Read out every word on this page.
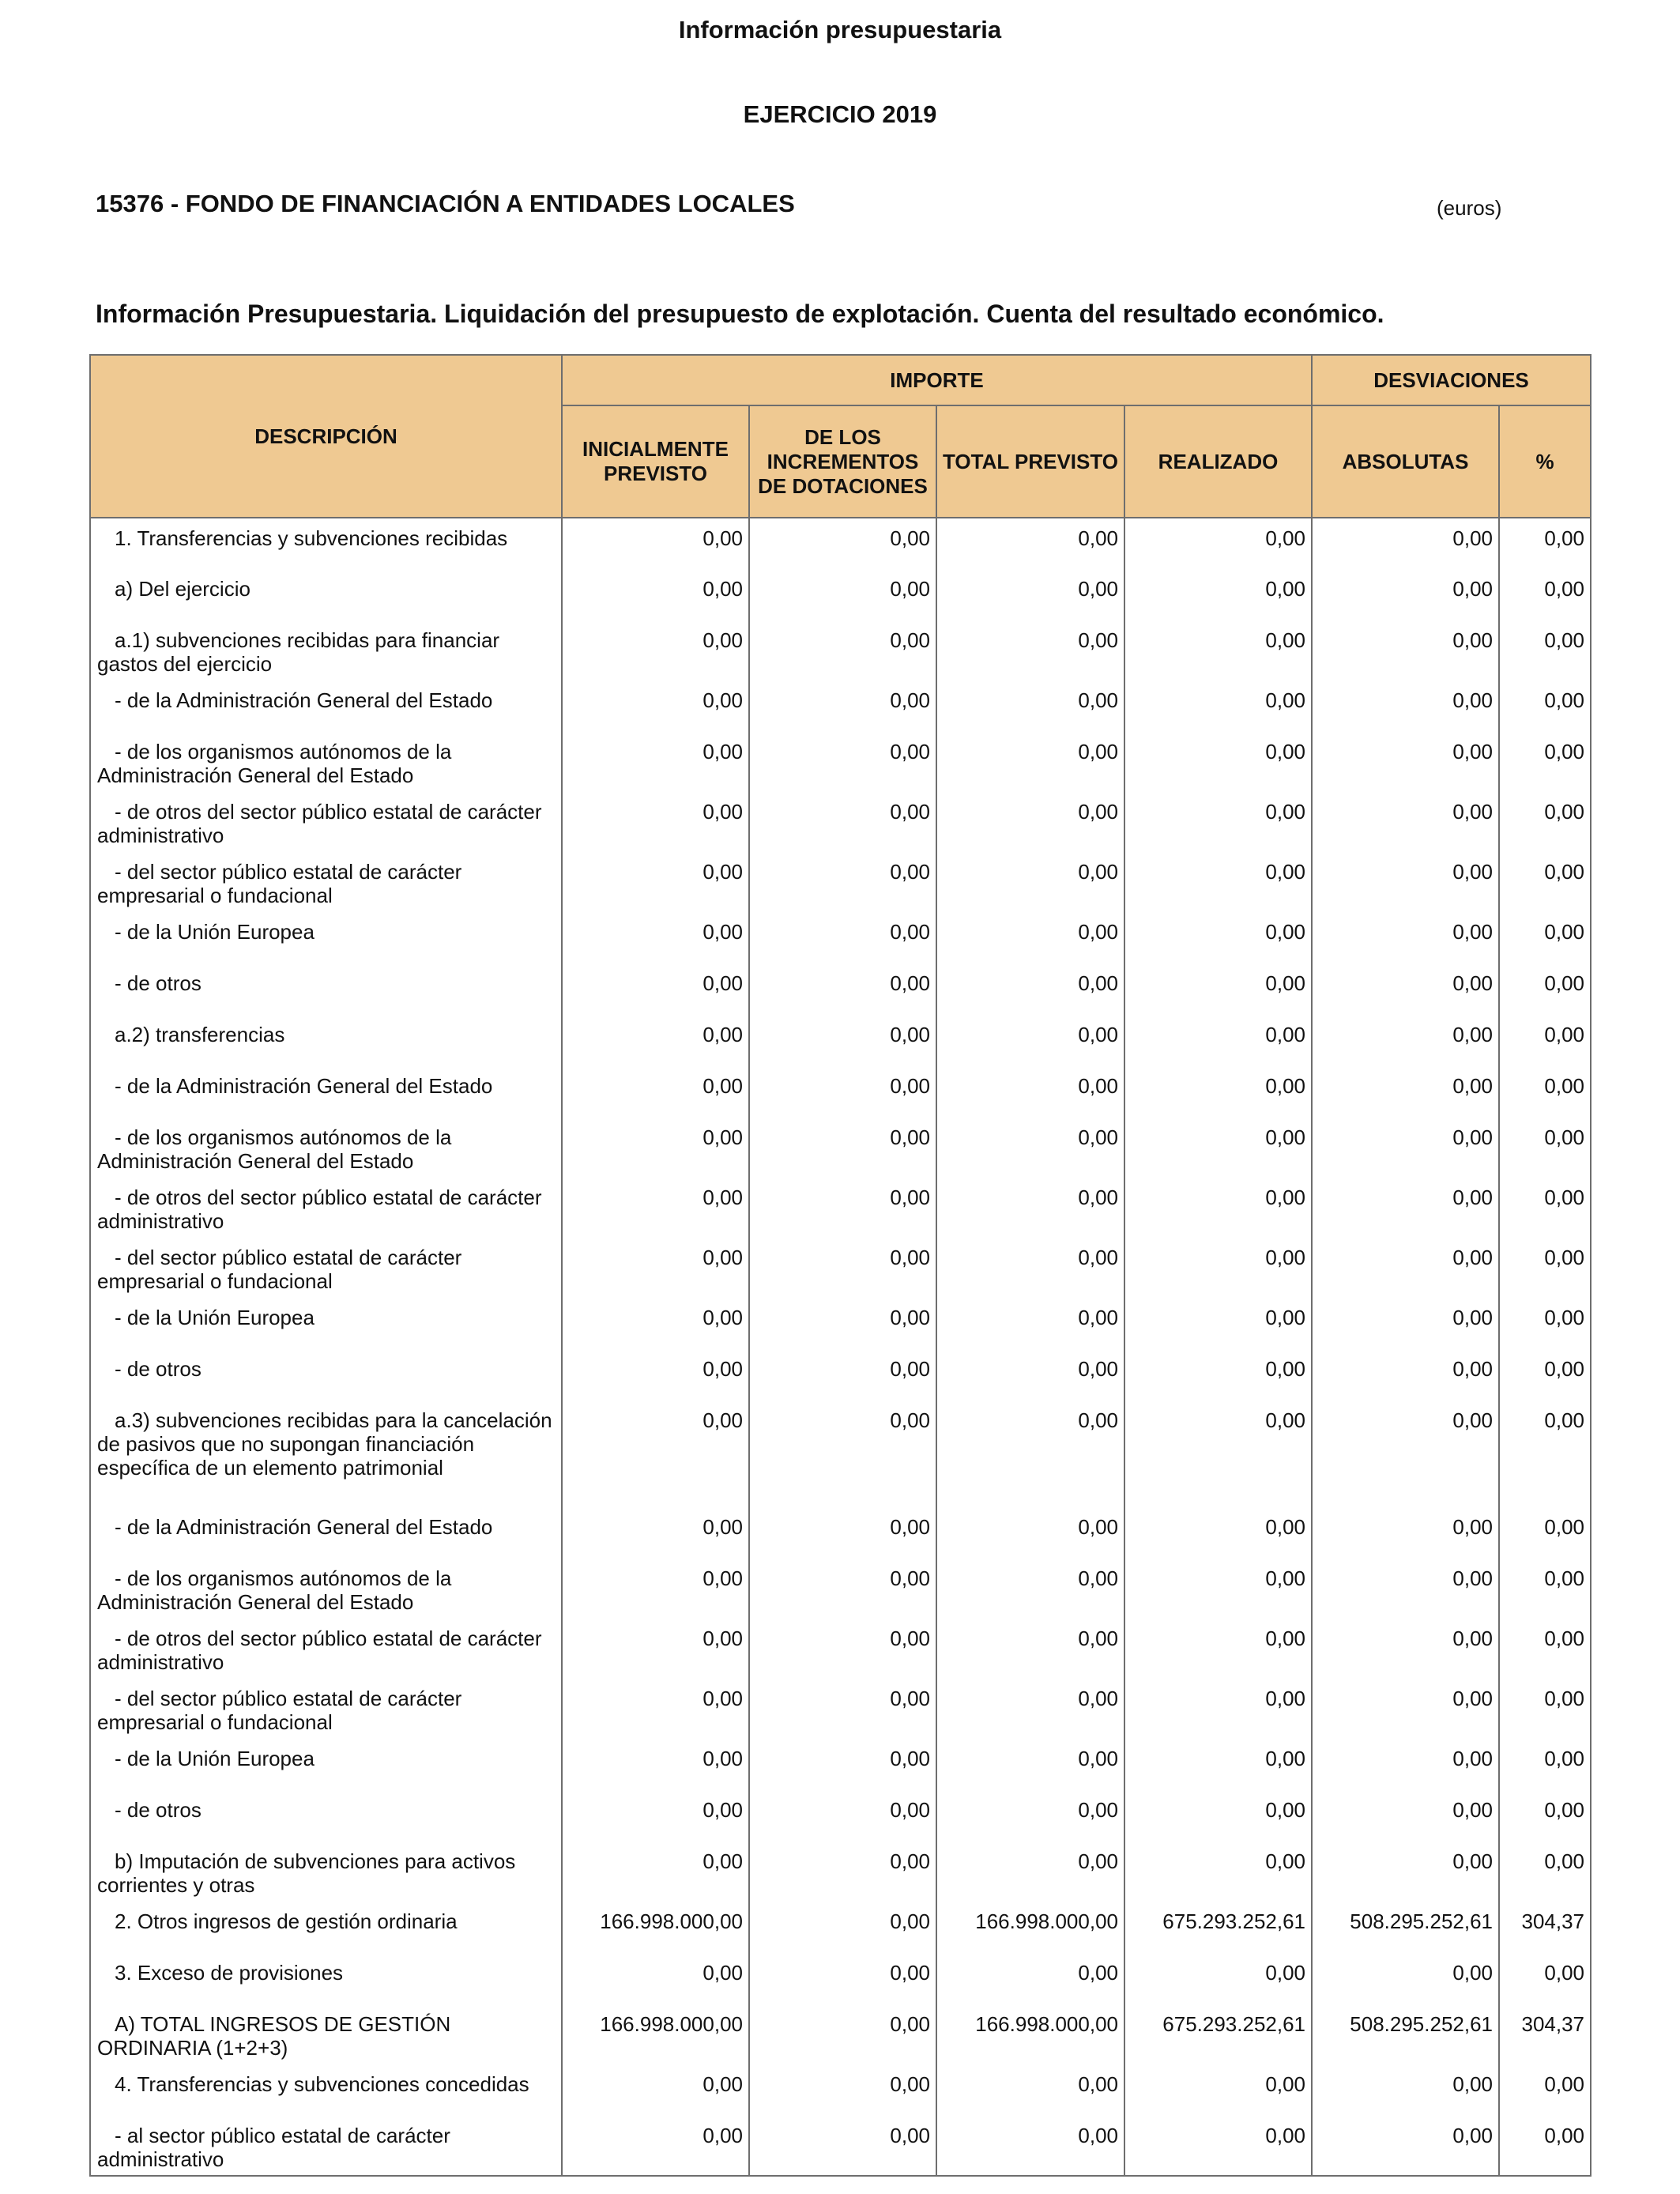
Información presupuestaria
EJERCICIO 2019
15376 - FONDO DE FINANCIACIÓN A ENTIDADES LOCALES	(euros)
Información Presupuestaria. Liquidación del presupuesto de explotación. Cuenta del resultado económico.
DESCRIPCIÓN	IMPORTE				DESVIACIONES	
	INICIALMENTE PREVISTO	DE LOS INCREMENTOS DE DOTACIONES	TOTAL PREVISTO	REALIZADO	ABSOLUTAS	%
1. Transferencias y subvenciones recibidas	0,00	0,00	0,00	0,00	0,00	0,00
a) Del ejercicio	0,00	0,00	0,00	0,00	0,00	0,00
a.1) subvenciones recibidas para financiar gastos del ejercicio	0,00	0,00	0,00	0,00	0,00	0,00
- de la Administración General del Estado	0,00	0,00	0,00	0,00	0,00	0,00
- de los organismos autónomos de la Administración General del Estado	0,00	0,00	0,00	0,00	0,00	0,00
- de otros del sector público estatal de carácter administrativo	0,00	0,00	0,00	0,00	0,00	0,00
- del sector público estatal de carácter empresarial o fundacional	0,00	0,00	0,00	0,00	0,00	0,00
- de la Unión Europea	0,00	0,00	0,00	0,00	0,00	0,00
- de otros	0,00	0,00	0,00	0,00	0,00	0,00
a.2) transferencias	0,00	0,00	0,00	0,00	0,00	0,00
- de la Administración General del Estado	0,00	0,00	0,00	0,00	0,00	0,00
- de los organismos autónomos de la Administración General del Estado	0,00	0,00	0,00	0,00	0,00	0,00
- de otros del sector público estatal de carácter administrativo	0,00	0,00	0,00	0,00	0,00	0,00
- del sector público estatal de carácter empresarial o fundacional	0,00	0,00	0,00	0,00	0,00	0,00
- de la Unión Europea	0,00	0,00	0,00	0,00	0,00	0,00
- de otros	0,00	0,00	0,00	0,00	0,00	0,00
a.3) subvenciones recibidas para la cancelación de pasivos que no supongan financiación específica de un elemento patrimonial	0,00	0,00	0,00	0,00	0,00	0,00
- de la Administración General del Estado	0,00	0,00	0,00	0,00	0,00	0,00
- de los organismos autónomos de la Administración General del Estado	0,00	0,00	0,00	0,00	0,00	0,00
- de otros del sector público estatal de carácter administrativo	0,00	0,00	0,00	0,00	0,00	0,00
- del sector público estatal de carácter empresarial o fundacional	0,00	0,00	0,00	0,00	0,00	0,00
- de la Unión Europea	0,00	0,00	0,00	0,00	0,00	0,00
- de otros	0,00	0,00	0,00	0,00	0,00	0,00
b) Imputación de subvenciones para activos corrientes y otras	0,00	0,00	0,00	0,00	0,00	0,00
2. Otros ingresos de gestión ordinaria	166.998.000,00	0,00	166.998.000,00	675.293.252,61	508.295.252,61	304,37
3. Exceso de provisiones	0,00	0,00	0,00	0,00	0,00	0,00
A) TOTAL INGRESOS DE GESTIÓN ORDINARIA (1+2+3)	166.998.000,00	0,00	166.998.000,00	675.293.252,61	508.295.252,61	304,37
4. Transferencias y subvenciones concedidas	0,00	0,00	0,00	0,00	0,00	0,00
- al sector público estatal de carácter administrativo	0,00	0,00	0,00	0,00	0,00	0,00
